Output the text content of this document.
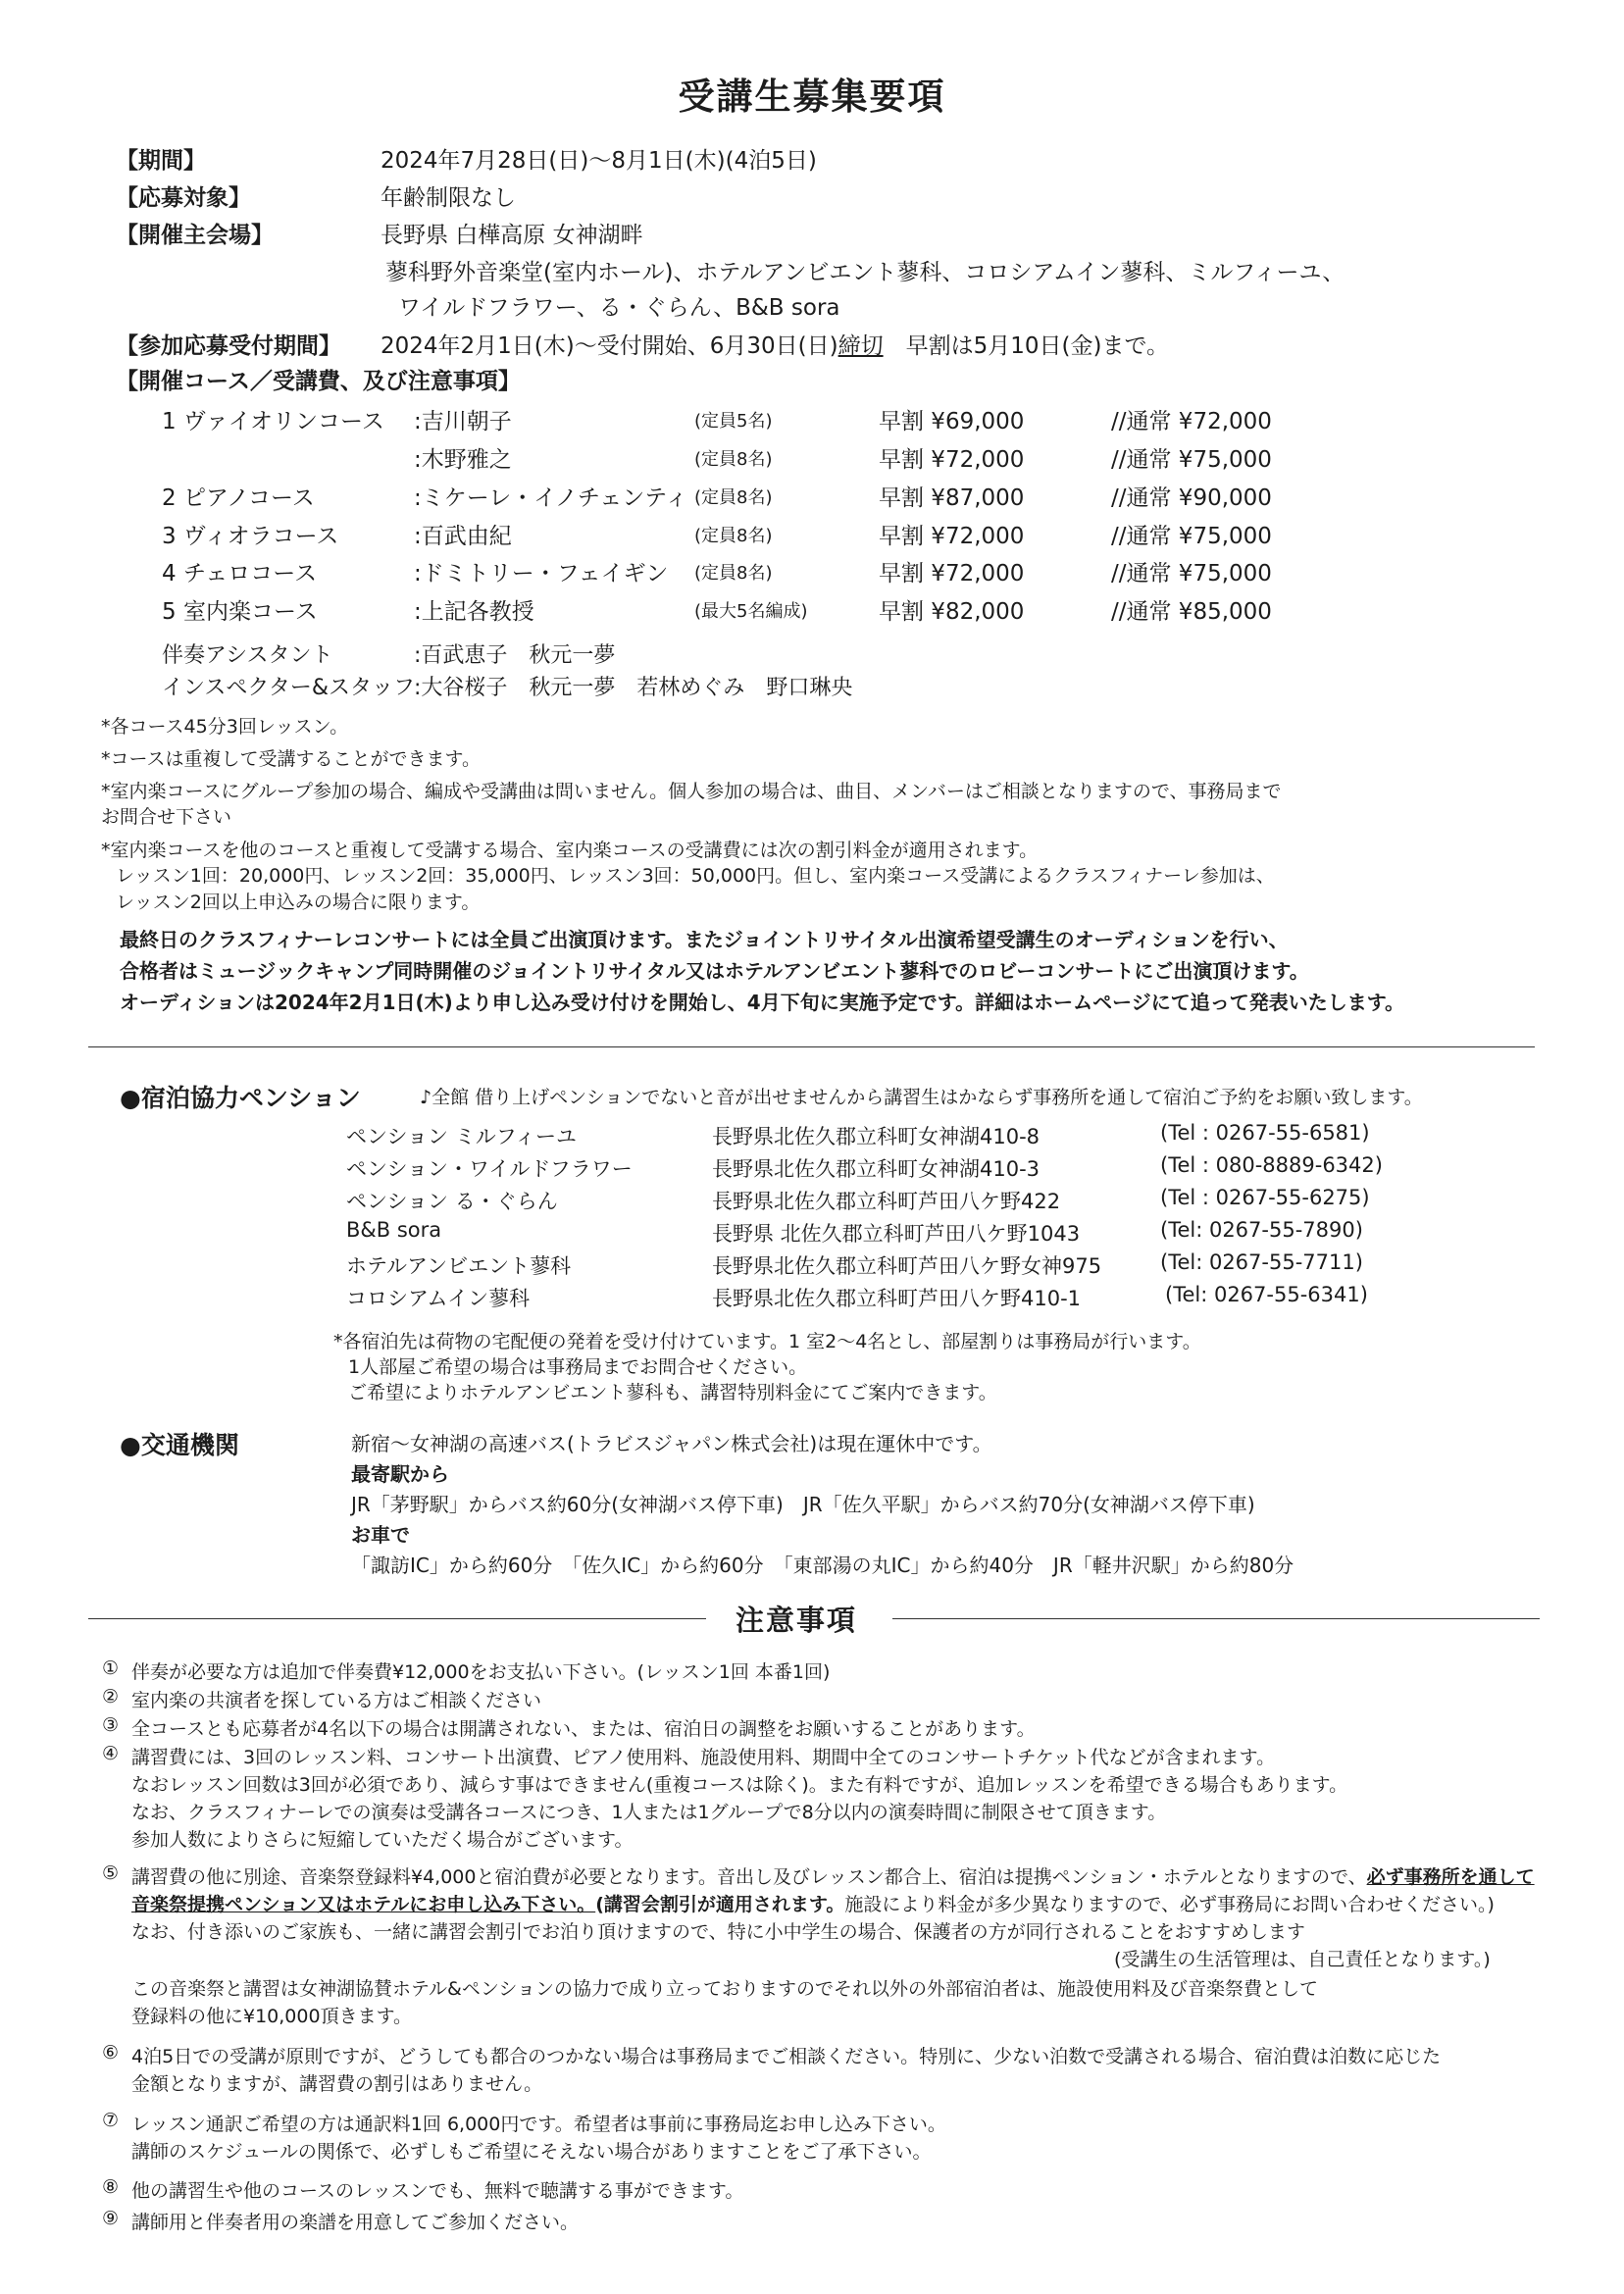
受講生募集要項
【期間】	2024年7月28日(日)～8月1日(木)(4泊5日)
【応募対象】	年齢制限なし
【開催主会場】	長野県 白樺高原 女神湖畔
蓼科野外音楽堂(室内ホール)、ホテルアンビエント蓼科、コロシアムイン蓼科、ミルフィーユ、
ワイルドフラワー、る・ぐらん、B&B sora
【参加応募受付期間】 2024年2月1日(木)～受付開始、6月30日(日)締切　 早割は5月10日(金)まで。
【開催コース／受講費、及び注意事項】
1 ヴァイオリンコース :吉川朝子	(定員5名)	早割 ¥69,000	//通常 ¥72,000
:木野雅之	(定員8名)	早割 ¥72,000	//通常 ¥75,000
2 ピアノコース	:ミケーレ・イノチェンティ (定員8名)	早割 ¥87,000	//通常 ¥90,000
3 ヴィオラコース	:百武由紀	(定員8名)	早割 ¥72,000	//通常 ¥75,000
4 チェロコース	:ドミトリー・フェイギン (定員8名)	早割 ¥72,000	//通常 ¥75,000
5 室内楽コース	:上記各教授	(最大5名編成)	早割 ¥82,000	//通常 ¥85,000
伴奏アシスタント	:百武恵子　秋元一夢
インスペクター&スタッフ
:大谷桜子　秋元一夢　若林めぐみ　野口琳央
*各コース45分3回レッスン。
*コースは重複して受講することができます。
*室内楽コースにグループ参加の場合、編成や受講曲は問いません。個人参加の場合は、曲目、メンバーはご相談となりますので、事務局まで
お問合せ下さい
*室内楽コースを他のコースと重複して受講する場合、室内楽コースの受講費には次の割引料金が適用されます。
レッスン1回：20,000円、レッスン2回：35,000円、レッスン3回：50,000円。但し、室内楽コース受講によるクラスフィナーレ参加は、
レッスン2回以上申込みの場合に限ります。
最終日のクラスフィナーレコンサートには全員ご出演頂けます。またジョイントリサイタル出演希望受講生のオーディションを行い、
合格者はミュージックキャンプ同時開催のジョイントリサイタル又はホテルアンビエント蓼科でのロビーコンサートにご出演頂けます。
オーディションは2024年2月1日(木)より申し込み受け付けを開始し、4月下旬に実施予定です。詳細はホームページにて追って発表いたします。
●宿泊協力ペンション	♪全館 借り上げペンションでないと音が出せませんから講習生はかならず事務所を通して宿泊ご予約をお願い致します。
ペンション ミルフィーユ	長野県北佐久郡立科町女神湖410-8	(Tel : 0267-55-6581)
ペンション・ワイルドフラワー	長野県北佐久郡立科町女神湖410-3	(Tel : 080-8889-6342)
ペンション る・ぐらん	長野県北佐久郡立科町芦田八ケ野422	(Tel : 0267-55-6275)
B&B sora	長野県 北佐久郡立科町芦田八ケ野1043	(Tel: 0267-55-7890)
ホテルアンビエント蓼科	長野県北佐久郡立科町芦田八ケ野女神975	(Tel: 0267-55-7711)
コロシアムイン蓼科	長野県北佐久郡立科町芦田八ケ野410-1	(Tel: 0267-55-6341)
*各宿泊先は荷物の宅配便の発着を受け付けています。1 室2～4名とし、部屋割りは事務局が行います。
1人部屋ご希望の場合は事務局までお問合せください。
ご希望によりホテルアンビエント蓼科も、講習特別料金にてご案内できます。
●交通機関	新宿～女神湖の高速バス(トラビスジャパン株式会社)は現在運休中です。
最寄駅から
JR「茅野駅」からバス約60分(女神湖バス停下車)　JR「佐久平駅」からバス約70分(女神湖バス停下車)
お車で
「諏訪IC」から約60分　「佐久IC」から約60分　「東部湯の丸IC」から約40分　JR「軽井沢駅」から約80分
注意事項
① 伴奏が必要な方は追加で伴奏費¥12,000をお支払い下さい。(レッスン1回 本番1回)
② 室内楽の共演者を探している方はご相談ください
③ 全コースとも応募者が4名以下の場合は開講されない、または、宿泊日の調整をお願いすることがあります。
④ 講習費には、3回のレッスン料、コンサート出演費、ピアノ使用料、施設使用料、期間中全てのコンサートチケット代などが含まれます。
なおレッスン回数は3回が必須であり、減らす事はできません(重複コースは除く)。また有料ですが、追加レッスンを希望できる場合もあります。
なお、クラスフィナーレでの演奏は受講各コースにつき、1人または1グループで8分以内の演奏時間に制限させて頂きます。
参加人数によりさらに短縮していただく場合がございます。
⑤ 講習費の他に別途、音楽祭登録料¥4,000と宿泊費が必要となります。音出し及びレッスン都合上、宿泊は提携ペンション・ホテルとなりますので、必ず事務所を通して
音楽祭提携ペンション又はホテルにお申し込み下さい。(講習会割引が適用されます。施設により料金が多少異なりますので、必ず事務局にお問い合わせください。)
なお、付き添いのご家族も、一緒に講習会割引でお泊り頂けますので、特に小中学生の場合、保護者の方が同行されることをおすすめします
(受講生の生活管理は、自己責任となります。)
この音楽祭と講習は女神湖協賛ホテル&ペンションの協力で成り立っておりますのでそれ以外の外部宿泊者は、施設使用料及び音楽祭費として
登録料の他に¥10,000頂きます。
⑥ 4泊5日での受講が原則ですが、どうしても都合のつかない場合は事務局までご相談ください。特別に、少ない泊数で受講される場合、宿泊費は泊数に応じた
金額となりますが、講習費の割引はありません。
⑦ レッスン通訳ご希望の方は通訳料1回 6,000円です。希望者は事前に事務局迄お申し込み下さい。
講師のスケジュールの関係で、必ずしもご希望にそえない場合がありますことをご了承下さい。
⑧ 他の講習生や他のコースのレッスンでも、無料で聴講する事ができます。
⑨ 講師用と伴奏者用の楽譜を用意してご参加ください。
